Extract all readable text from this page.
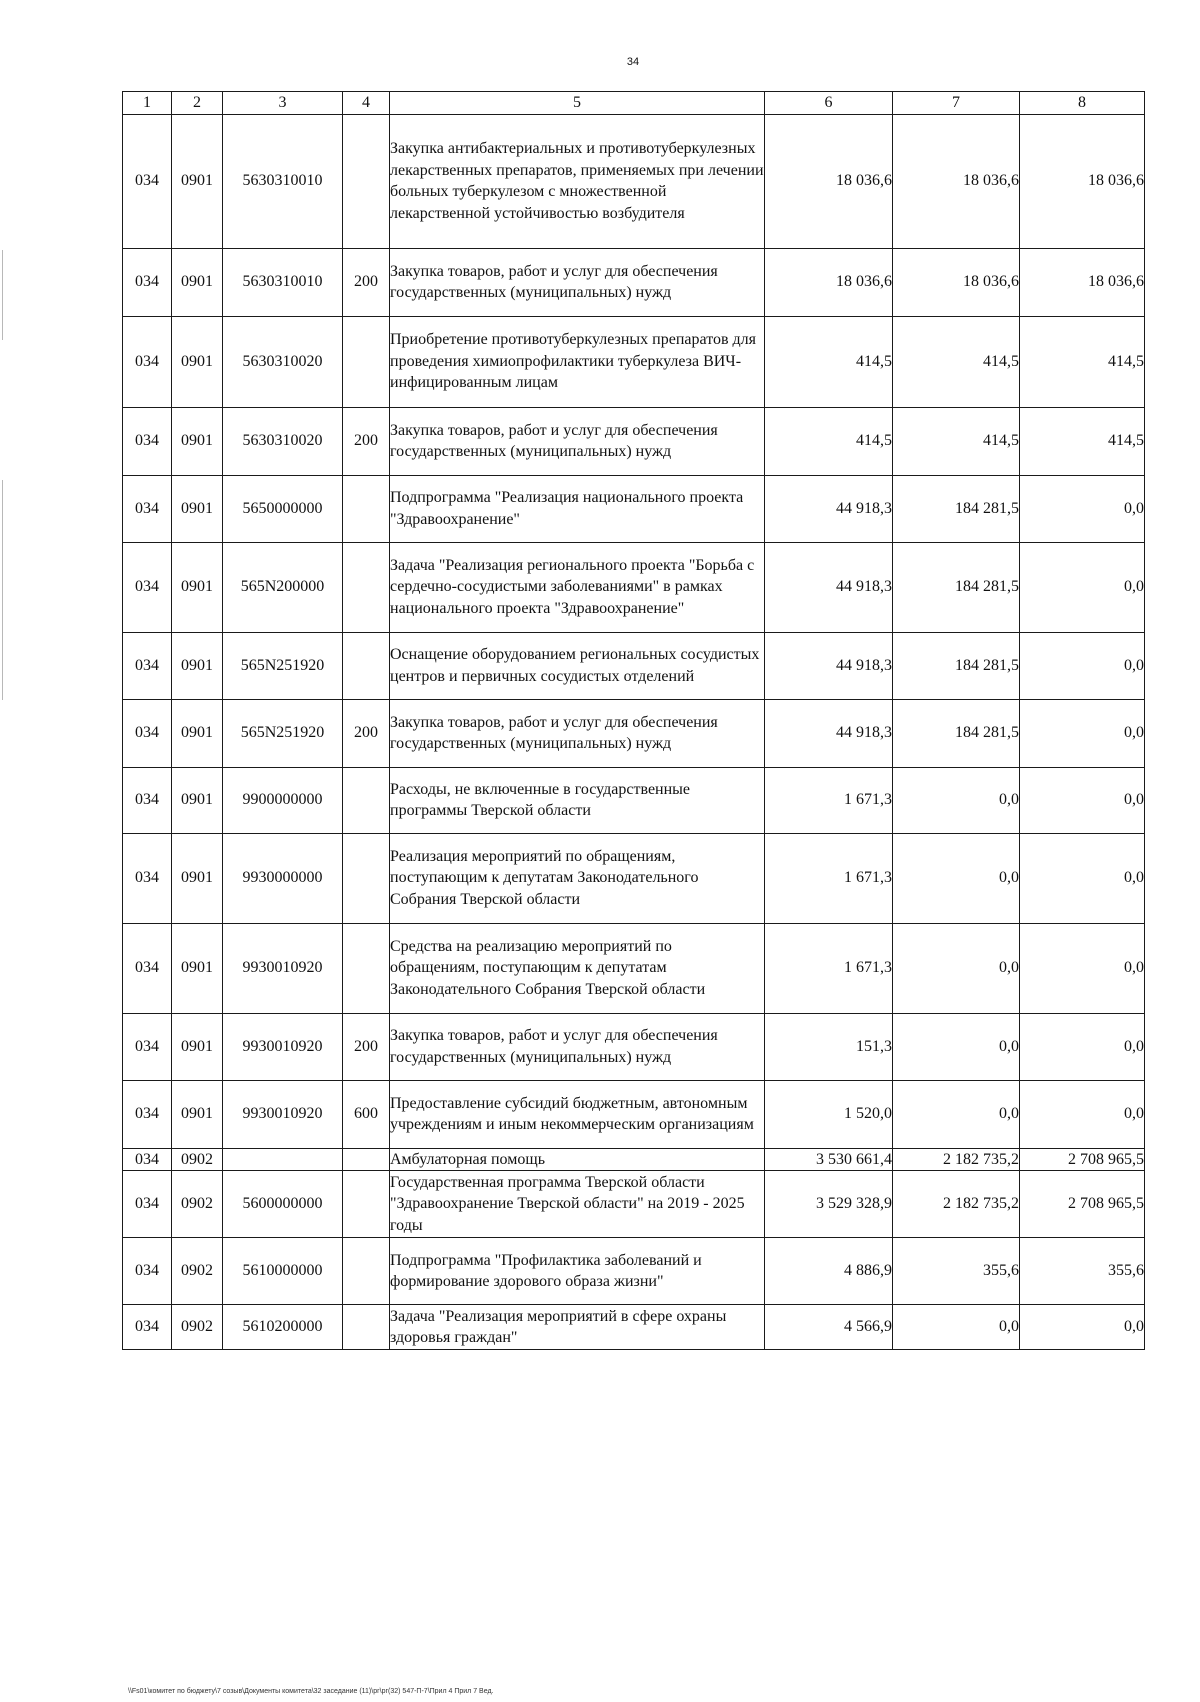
34
1	2	3	4	5	6	7	8
034	0901	5630310010		Закупка антибактериальных и противотуберкулезных лекарственных препаратов, применяемых при лечении больных туберкулезом с множественной лекарственной устойчивостью возбудителя	18 036,6	18 036,6	18 036,6
034	0901	5630310010	200	Закупка товаров, работ и услуг для обеспечения государственных (муниципальных) нужд	18 036,6	18 036,6	18 036,6
034	0901	5630310020		Приобретение противотуберкулезных препаратов для проведения химиопрофилактики туберкулеза ВИЧ-инфицированным лицам	414,5	414,5	414,5
034	0901	5630310020	200	Закупка товаров, работ и услуг для обеспечения государственных (муниципальных) нужд	414,5	414,5	414,5
034	0901	5650000000		Подпрограмма "Реализация национального проекта "Здравоохранение"	44 918,3	184 281,5	0,0
034	0901	565N200000		Задача "Реализация регионального проекта "Борьба с сердечно-сосудистыми заболеваниями" в рамках национального проекта "Здравоохранение"	44 918,3	184 281,5	0,0
034	0901	565N251920		Оснащение оборудованием региональных сосудистых центров и первичных сосудистых отделений	44 918,3	184 281,5	0,0
034	0901	565N251920	200	Закупка товаров, работ и услуг для обеспечения государственных (муниципальных) нужд	44 918,3	184 281,5	0,0
034	0901	9900000000		Расходы, не включенные в государственные программы Тверской области	1 671,3	0,0	0,0
034	0901	9930000000		Реализация мероприятий по обращениям, поступающим к депутатам Законодательного Собрания Тверской области	1 671,3	0,0	0,0
034	0901	9930010920		Средства на реализацию мероприятий по обращениям, поступающим к депутатам Законодательного Собрания Тверской области	1 671,3	0,0	0,0
034	0901	9930010920	200	Закупка товаров, работ и услуг для обеспечения государственных (муниципальных) нужд	151,3	0,0	0,0
034	0901	9930010920	600	Предоставление субсидий бюджетным, автономным учреждениям и иным некоммерческим организациям	1 520,0	0,0	0,0
034	0902			Амбулаторная помощь	3 530 661,4	2 182 735,2	2 708 965,5
034	0902	5600000000		Государственная программа Тверской области "Здравоохранение Тверской области" на 2019 - 2025 годы	3 529 328,9	2 182 735,2	2 708 965,5
034	0902	5610000000		Подпрограмма "Профилактика заболеваний и формирование здорового образа жизни"	4 886,9	355,6	355,6
034	0902	5610200000		Задача "Реализация мероприятий в сфере охраны здоровья граждан"	4 566,9	0,0	0,0
\\Fs01\комитет по бюджету\7 созыв\Документы комитета\32 заседание (11)\рг\рг(32) 547-П-7\Прил 4 Прил 7 Вед.
